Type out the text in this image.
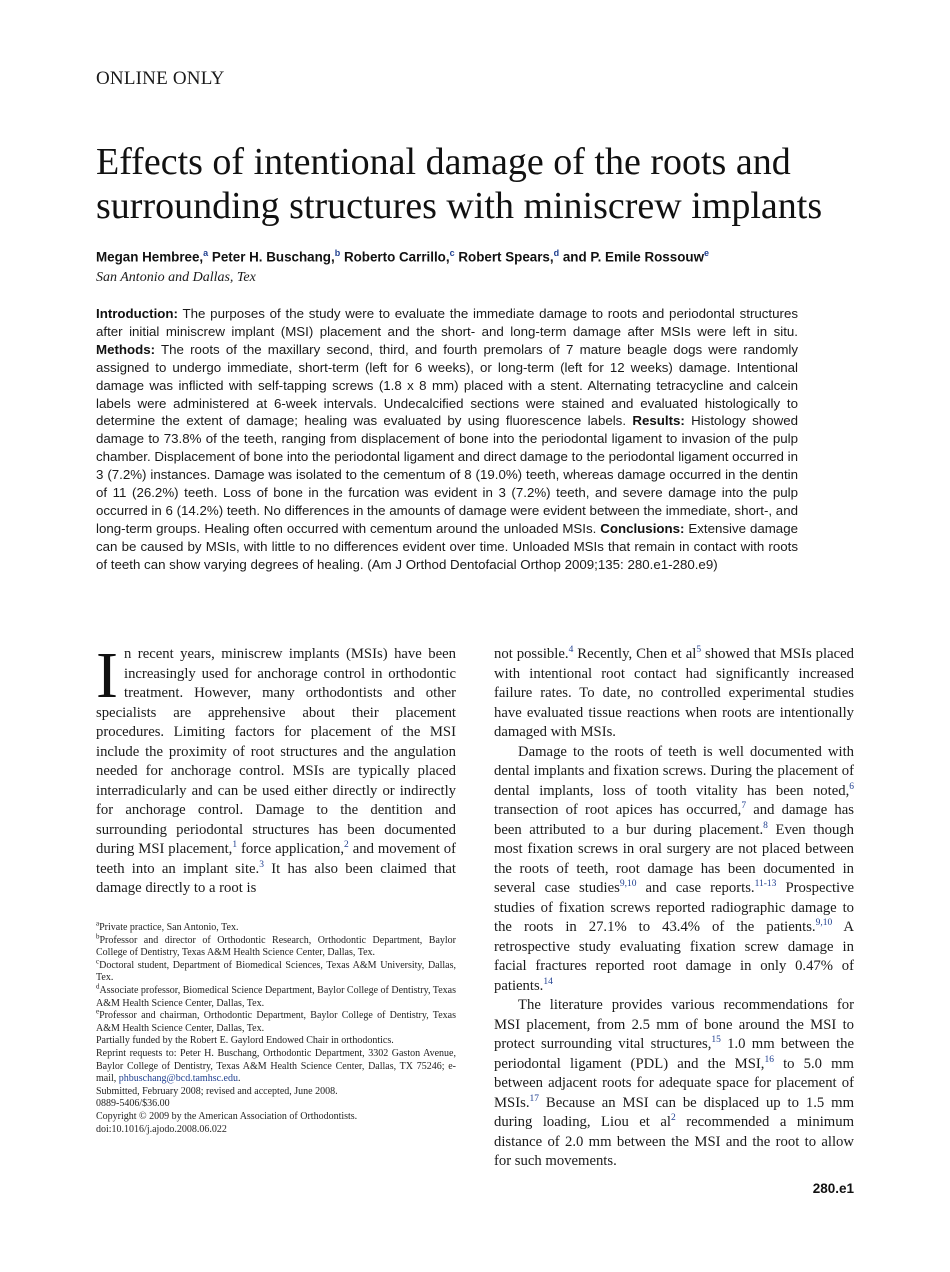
ONLINE ONLY
Effects of intentional damage of the roots and
surrounding structures with miniscrew implants
Megan Hembree,$^a$ Peter H. Buschang,$^b$ Roberto Carrillo,$^c$ Robert Spears,$^d$ and P. Emile Rossouw$^e$
San Antonio and Dallas, Tex
Introduction: The purposes of the study were to evaluate the immediate damage to roots and periodontal structures after initial miniscrew implant (MSI) placement and the short- and long-term damage after MSIs were left in situ. Methods: The roots of the maxillary second, third, and fourth premolars of 7 mature beagle dogs were randomly assigned to undergo immediate, short-term (left for 6 weeks), or long-term (left for 12 weeks) damage. Intentional damage was inflicted with self-tapping screws (1.8 x 8 mm) placed with a stent. Alternating tetracycline and calcein labels were administered at 6-week intervals. Undecalcified sections were stained and evaluated histologically to determine the extent of damage; healing was evaluated by using fluorescence labels. Results: Histology showed damage to 73.8% of the teeth, ranging from displacement of bone into the periodontal ligament to invasion of the pulp chamber. Displacement of bone into the periodontal ligament and direct damage to the periodontal ligament occurred in 3 (7.2%) instances. Damage was isolated to the cementum of 8 (19.0%) teeth, whereas damage occurred in the dentin of 11 (26.2%) teeth. Loss of bone in the furcation was evident in 3 (7.2%) teeth, and severe damage into the pulp occurred in 6 (14.2%) teeth. No differences in the amounts of damage were evident between the immediate, short-, and long-term groups. Healing often occurred with cementum around the unloaded MSIs. Conclusions: Extensive damage can be caused by MSIs, with little to no differences evident over time. Unloaded MSIs that remain in contact with roots of teeth can show varying degrees of healing. (Am J Orthod Dentofacial Orthop 2009;135: 280.e1-280.e9)

In recent years, miniscrew implants (MSIs) have been increasingly used for anchorage control in orthodontic treatment. However, many orthodontists and other specialists are apprehensive about their placement procedures. Limiting factors for placement of the MSI include the proximity of root structures and the angulation needed for anchorage control. MSIs are typically placed interradicularly and can be used either directly or indirectly for anchorage control. Damage to the dentition and surrounding periodontal structures has been documented during MSI placement,$^1$ force application,$^2$ and movement of teeth into an implant site.$^3$ It has also been claimed that damage directly to a root is

$^a$Private practice, San Antonio, Tex.

$^b$Professor and director of Orthodontic Research, Orthodontic Department, Baylor College of Dentistry, Texas A&M Health Science Center, Dallas, Tex.

$^c$Doctoral student, Department of Biomedical Sciences, Texas A&M University, Dallas, Tex.

$^d$Associate professor, Biomedical Science Department, Baylor College of Dentistry, Texas A&M Health Science Center, Dallas, Tex.

$^e$Professor and chairman, Orthodontic Department, Baylor College of Dentistry, Texas A&M Health Science Center, Dallas, Tex.

Partially funded by the Robert E. Gaylord Endowed Chair in orthodontics.

Reprint requests to: Peter H. Buschang, Orthodontic Department, 3302 Gaston Avenue, Baylor College of Dentistry, Texas A&M Health Science Center, Dallas, TX 75246; e-mail, phbuschang@bcd.tamhsc.edu.

Submitted, February 2008; revised and accepted, June 2008.

0889-5406/$36.00

Copyright © 2009 by the American Association of Orthodontists.

doi:10.1016/j.ajodo.2008.06.022

not possible.$^4$ Recently, Chen et al$^5$ showed that MSIs placed with intentional root contact had significantly increased failure rates. To date, no controlled experimental studies have evaluated tissue reactions when roots are intentionally damaged with MSIs.

Damage to the roots of teeth is well documented with dental implants and fixation screws. During the placement of dental implants, loss of tooth vitality has been noted,$^6$ transection of root apices has occurred,$^7$ and damage has been attributed to a bur during placement.$^8$ Even though most fixation screws in oral surgery are not placed between the roots of teeth, root damage has been documented in several case studies$^{9,10}$ and case reports.$^{11-13}$ Prospective studies of fixation screws reported radiographic damage to the roots in 27.1% to 43.4% of the patients.$^{9,10}$ A retrospective study evaluating fixation screw damage in facial fractures reported root damage in only 0.47% of patients.$^{14}$

The literature provides various recommendations for MSI placement, from 2.5 mm of bone around the MSI to protect surrounding vital structures,$^{15}$ 1.0 mm between the periodontal ligament (PDL) and the MSI,$^{16}$ to 5.0 mm between adjacent roots for adequate space for placement of MSIs.$^{17}$ Because an MSI can be displaced up to 1.5 mm during loading, Liou et al$^2$ recommended a minimum distance of 2.0 mm between the MSI and the root to allow for such movements.

280.e1
